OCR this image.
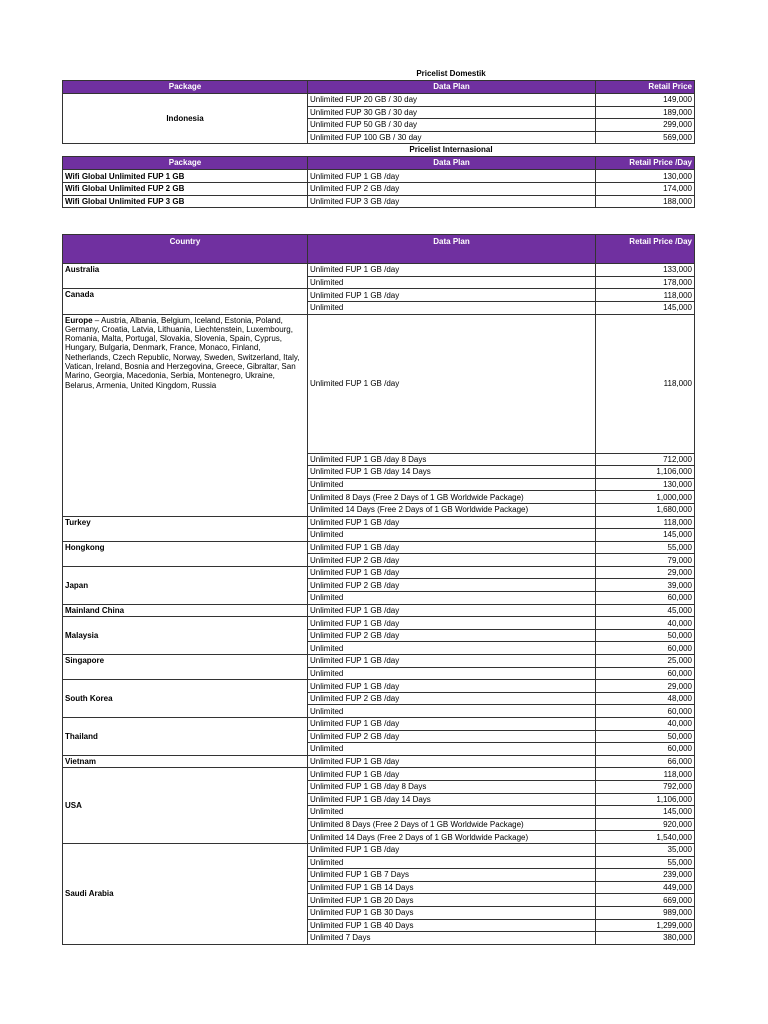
Pricelist Domestik
Package	Data Plan	Retail Price
Indonesia	Unlimited FUP 20 GB / 30 day	149,000
	Unlimited FUP 30 GB / 30 day	189,000
	Unlimited FUP 50 GB / 30 day	299,000
	Unlimited FUP 100 GB / 30 day	569,000
Pricelist Internasional
Package	Data Plan	Retail Price /Day
Wifi Global Unlimited FUP 1 GB	Unlimited FUP 1 GB /day	130,000
Wifi Global Unlimited FUP 2 GB	Unlimited FUP 2 GB /day	174,000
Wifi Global Unlimited FUP 3 GB	Unlimited FUP 3 GB /day	188,000
Country	Data Plan	Retail Price /Day
Australia	Unlimited FUP 1 GB /day	133,000
	Unlimited	178,000
Canada	Unlimited FUP 1 GB /day	118,000
	Unlimited	145,000
Europe – Austria, Albania, Belgium, Iceland, Estonia, Poland, Germany, Croatia, Latvia, Lithuania, Liechtenstein, Luxembourg, Romania, Malta, Portugal, Slovakia, Slovenia, Spain, Cyprus, Hungary, Bulgaria, Denmark, France, Monaco, Finland, Netherlands, Czech Republic, Norway, Sweden, Switzerland, Italy, Vatican, Ireland, Bosnia and Herzegovina, Greece, Gibraltar, San Marino, Georgia, Macedonia, Serbia, Montenegro, Ukraine, Belarus, Armenia, United Kingdom, Russia	Unlimited FUP 1 GB /day	118,000
	Unlimited FUP 1 GB /day 8 Days	712,000
	Unlimited FUP 1 GB /day 14 Days	1,106,000
	Unlimited	130,000
	Unlimited 8 Days (Free 2 Days of 1 GB Worldwide Package)	1,000,000
	Unlimited 14 Days (Free 2 Days of 1 GB Worldwide Package)	1,680,000
Turkey	Unlimited FUP 1 GB /day	118,000
	Unlimited	145,000
Hongkong	Unlimited FUP 1 GB /day	55,000
	Unlimited FUP 2 GB /day	79,000
Japan	Unlimited FUP 1 GB /day	29,000
	Unlimited FUP 2 GB /day	39,000
	Unlimited	60,000
Mainland China	Unlimited FUP 1 GB /day	45,000
Malaysia	Unlimited FUP 1 GB /day	40,000
	Unlimited FUP 2 GB /day	50,000
	Unlimited	60,000
Singapore	Unlimited FUP 1 GB /day	25,000
	Unlimited	60,000
South Korea	Unlimited FUP 1 GB /day	29,000
	Unlimited FUP 2 GB /day	48,000
	Unlimited	60,000
Thailand	Unlimited FUP 1 GB /day	40,000
	Unlimited FUP 2 GB /day	50,000
	Unlimited	60,000
Vietnam	Unlimited FUP 1 GB /day	66,000
USA	Unlimited FUP 1 GB /day	118,000
	Unlimited FUP 1 GB /day 8 Days	792,000
	Unlimited FUP 1 GB /day 14 Days	1,106,000
	Unlimited	145,000
	Unlimited 8 Days (Free 2 Days of 1 GB Worldwide Package)	920,000
	Unlimited 14 Days (Free 2 Days of 1 GB Worldwide Package)	1,540,000
Saudi Arabia	Unlimited FUP 1 GB /day	35,000
	Unlimited	55,000
	Unlimited FUP 1 GB 7 Days	239,000
	Unlimited FUP 1 GB 14 Days	449,000
	Unlimited FUP 1 GB 20 Days	669,000
	Unlimited FUP 1 GB 30 Days	989,000
	Unlimited FUP 1 GB 40 Days	1,299,000
	Unlimited 7 Days	380,000
